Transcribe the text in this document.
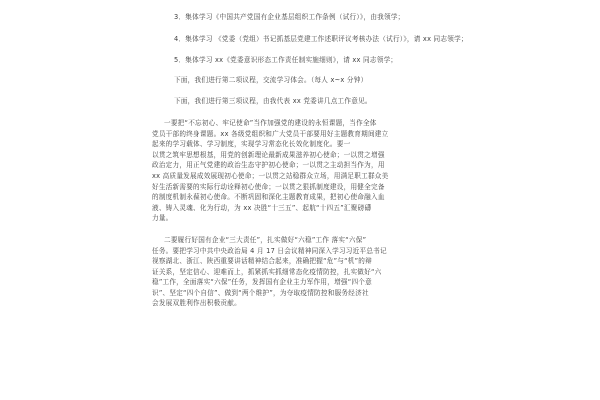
3．集体学习《中国共产党国有企业基层组织工作条例（试行）》，由我领学；
4．集体学习 《党委（党组）书记抓基层党建工作述职评议考核办法（试行）》，请 xx 同志领学；
5．集体学习 xx《党委意识形态工作责任制实施细则》，请 xx 同志领学；
下面，我们进行第二项议程，交流学习体会。（每人 x~x 分钟）
下面，我们进行第三项议程，由我代表 xx 党委讲几点工作意见。
一要把“不忘初心、牢记使命”当作加强党的建设的永恒课题，当作全体
党员干部的终身课题。xx 各级党组织和广大党员干部要用好主题教育期间建立
起来的学习载体、学习制度，实现学习常态化长效化制度化。要一
以贯之筑牢思想根基，用党的创新理论最新成果滋养初心使命；一以贯之增强
政治定力，用正气党建的政治生态守护初心使命；一以贯之主动担当作为，用
xx 高质量发展成效展现初心使命；一以贯之站稳群众立场，用满足职工群众美
好生活新需要的实际行动诠释初心使命；一以贯之狠抓制度建设，用健全完备
的制度机制永葆初心使命。不断巩固和深化主题教育成果，把初心使命融入血
液、铸入灵魂、化为行动，为 xx 决胜“十三五”、起航“十四五”汇聚磅礴
力量。
二要履行好国有企业“三大责任”，扎实做好“六稳”工作 落实“六保”
任务。要把学习中共中央政治局 4 月 17 日会议精神同深入学习习近平总书记
视察湖北、浙江、陕西重要讲话精神结合起来，准确把握“危”与“机”的辩
证关系，坚定信心、迎难而上，抓紧抓实抓细常态化疫情防控，扎实做好“六
稳”工作，全面落实“六保”任务，发挥国有企业主力军作用，增强“四个意
识”、坚定“四个自信”、做到“两个维护”，为夺取疫情防控和服务经济社
会发展双胜利作出积极贡献。
